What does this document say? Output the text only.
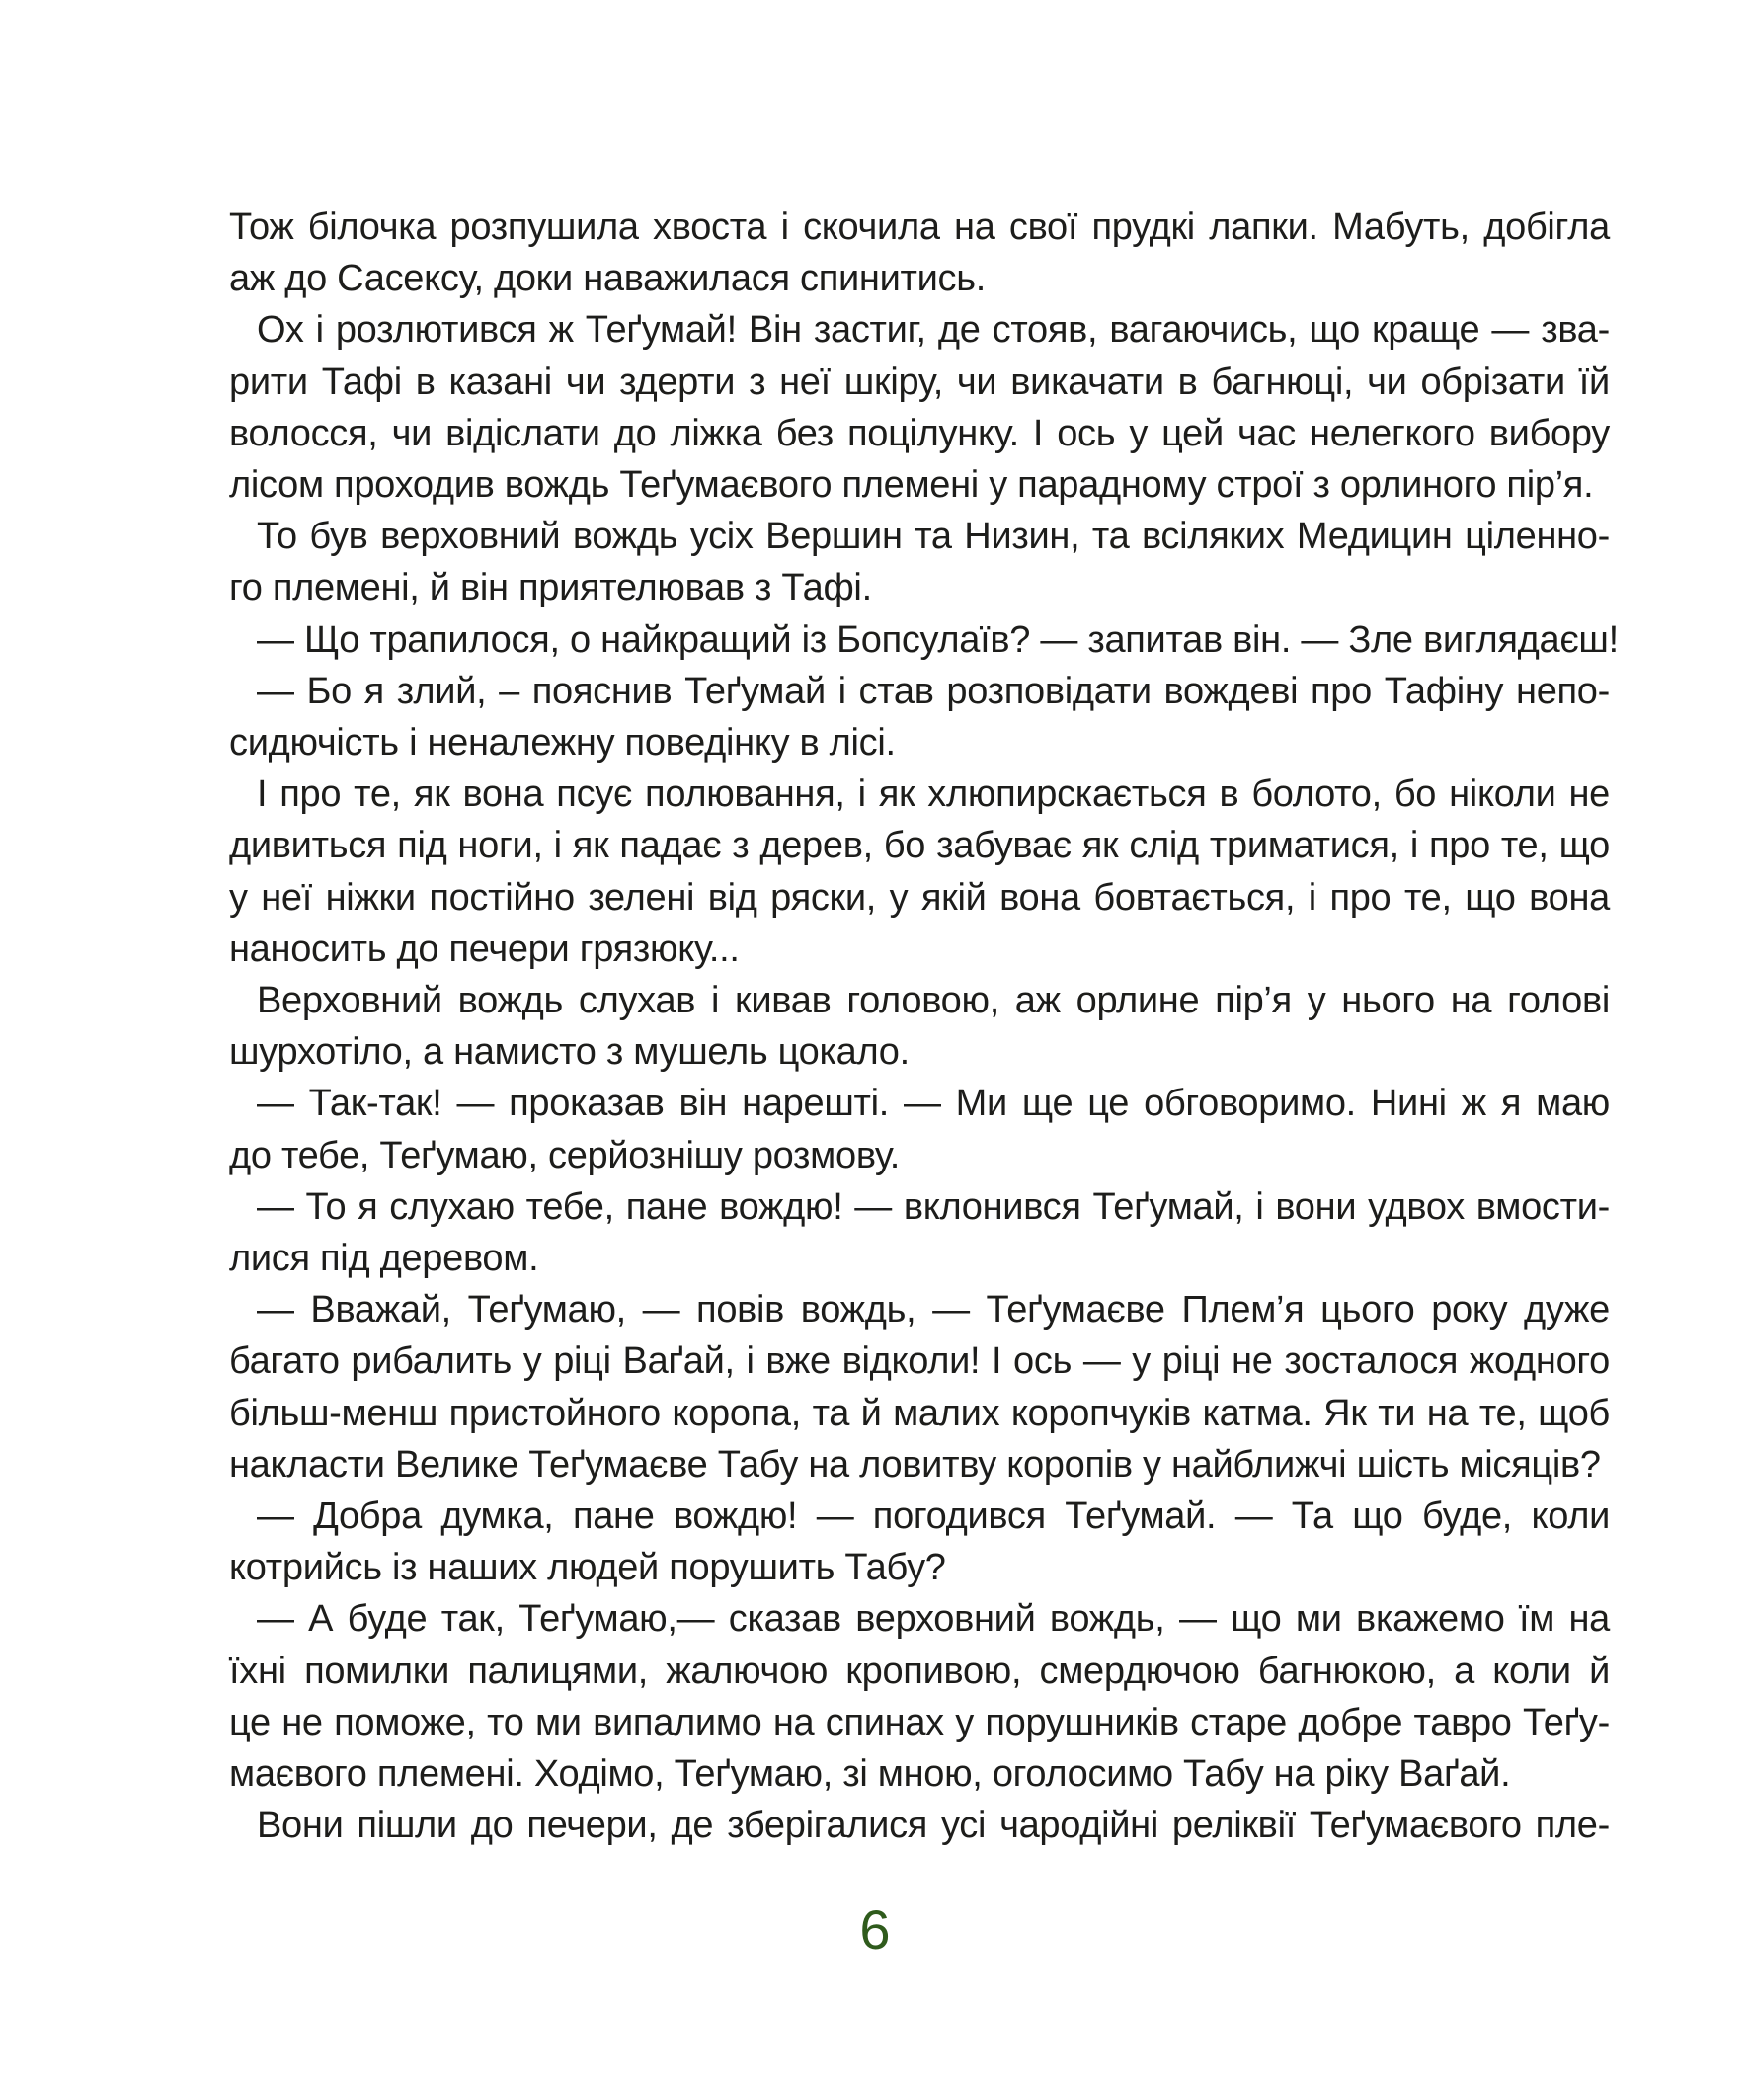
Тож білочка розпушила хвоста і скочила на свої прудкі лапки. Мабуть, добігла
аж до Сасексу, доки наважилася спинитись.
Ох і розлютився ж Теґумай! Він застиг, де стояв, вагаючись, що краще — зва-
рити Тафі в казані чи здерти з неї шкіру, чи викачати в багнюці, чи обрізати їй
волосся, чи відіслати до ліжка без поцілунку. І ось у цей час нелегкого вибору
лісом проходив вождь Теґумаєвого племені у парадному строї з орлиного пір’я.
То був верховний вождь усіх Вершин та Низин, та всіляких Медицин ціленно-
го племені, й він приятелював з Тафі.
— Що трапилося, о найкращий із Бопсулаїв? — запитав він. — Зле виглядаєш!
— Бо я злий, – пояснив Теґумай і став розповідати вождеві про Тафіну непо-
сидючість і неналежну поведінку в лісі.
І про те, як вона псує полювання, і як хлюпирскається в болото, бо ніколи не
дивиться під ноги, і як падає з дерев, бо забуває як слід триматися, і про те, що
у неї ніжки постійно зелені від ряски, у якій вона бовтається, і про те, що вона
наносить до печери грязюку...
Верховний вождь слухав і кивав головою, аж орлине пір’я у нього на голові
шурхотіло, а намисто з мушель цокало.
— Так-так! — проказав він нарешті. — Ми ще це обговоримо. Нині ж я маю
до тебе, Теґумаю, серйознішу розмову.
— То я слухаю тебе, пане вождю! — вклонився Теґумай, і вони удвох вмости-
лися під деревом.
— Вважай, Теґумаю, — повів вождь, — Теґумаєве Плем’я цього року дуже
багато рибалить у ріці Ваґай, і вже відколи! І ось — у ріці не зосталося жодного
більш-менш пристойного коропа, та й малих коропчуків катма. Як ти на те, щоб
накласти Велике Теґумаєве Табу на ловитву коропів у найближчі шість місяців?
— Добра думка, пане вождю! — погодився Теґумай. — Та що буде, коли
котрийсь із наших людей порушить Табу?
— А буде так, Теґумаю,— сказав верховний вождь, — що ми вкажемо їм на
їхні помилки палицями, жалючою кропивою, смердючою багнюкою, а коли й
це не поможе, то ми випалимо на спинах у порушників старе добре тавро Теґу-
маєвого племені. Ходімо, Теґумаю, зі мною, оголосимо Табу на ріку Ваґай.
Вони пішли до печери, де зберігалися усі чародійні реліквії Теґумаєвого пле-
6
